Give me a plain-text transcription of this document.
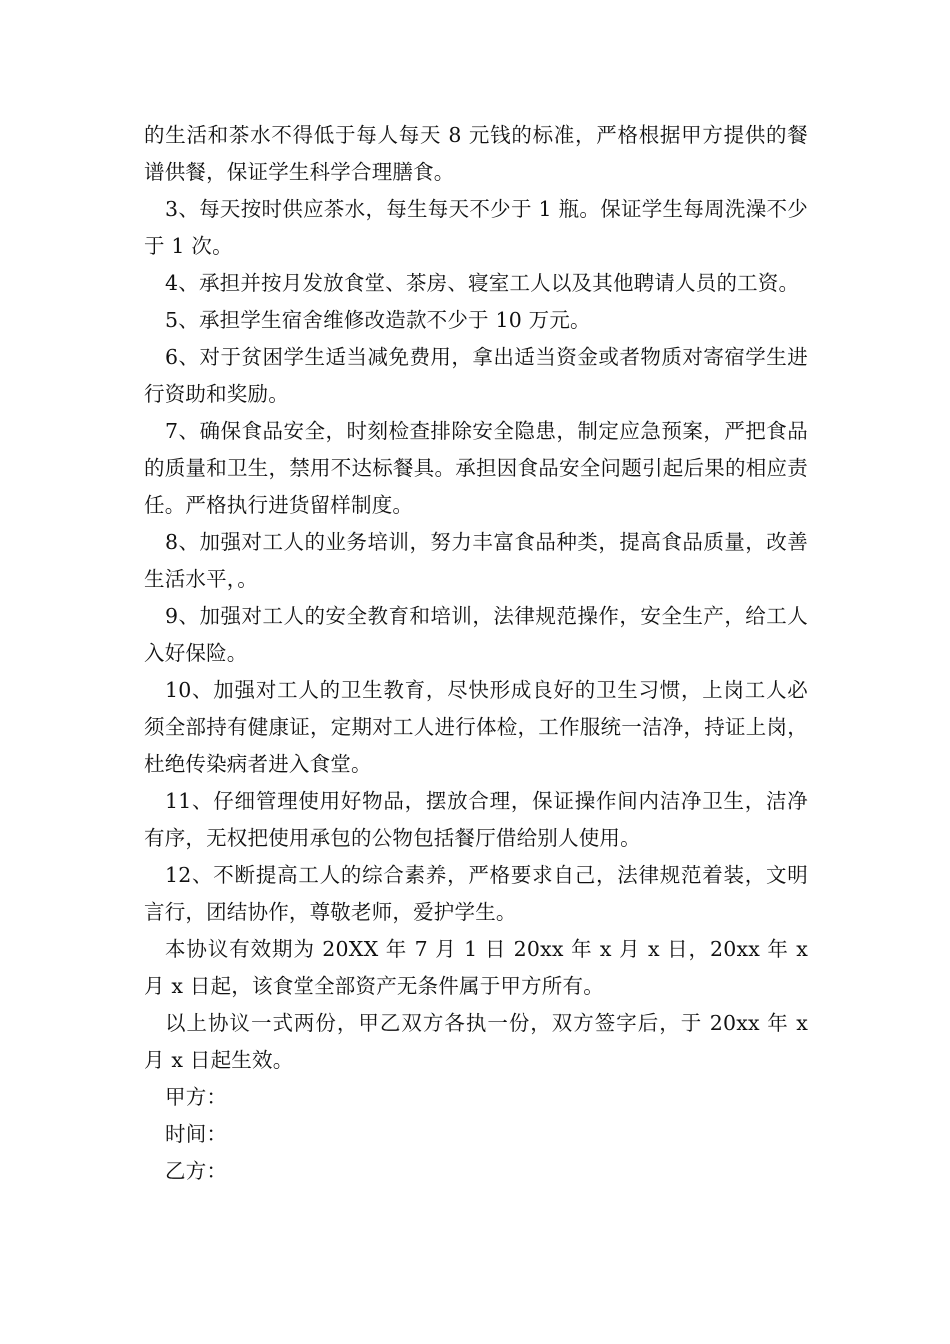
的生活和茶水不得低于每人每天 8 元钱的标准，严格根据甲方提供的餐谱供餐，保证学生科学合理膳食。

3、每天按时供应茶水，每生每天不少于 1 瓶。保证学生每周洗澡不少于 1 次。

4、承担并按月发放食堂、茶房、寝室工人以及其他聘请人员的工资。

5、承担学生宿舍维修改造款不少于 10 万元。

6、对于贫困学生适当减免费用，拿出适当资金或者物质对寄宿学生进行资助和奖励。

7、确保食品安全，时刻检查排除安全隐患，制定应急预案，严把食品的质量和卫生，禁用不达标餐具。承担因食品安全问题引起后果的相应责任。严格执行进货留样制度。

8、加强对工人的业务培训，努力丰富食品种类，提高食品质量，改善生活水平，。

9、加强对工人的安全教育和培训，法律规范操作，安全生产，给工人入好保险。

10、加强对工人的卫生教育，尽快形成良好的卫生习惯，上岗工人必须全部持有健康证，定期对工人进行体检，工作服统一洁净，持证上岗，杜绝传染病者进入食堂。

11、仔细管理使用好物品，摆放合理，保证操作间内洁净卫生，洁净有序，无权把使用承包的公物包括餐厅借给别人使用。

12、不断提高工人的综合素养，严格要求自己，法律规范着装，文明言行，团结协作，尊敬老师，爱护学生。

本协议有效期为 20XX 年 7 月 1 日 20xx 年 x 月 x 日，20xx 年 x 月 x 日起，该食堂全部资产无条件属于甲方所有。

以上协议一式两份，甲乙双方各执一份，双方签字后，于 20xx 年 x 月 x 日起生效。

甲方：

时间：

乙方：
